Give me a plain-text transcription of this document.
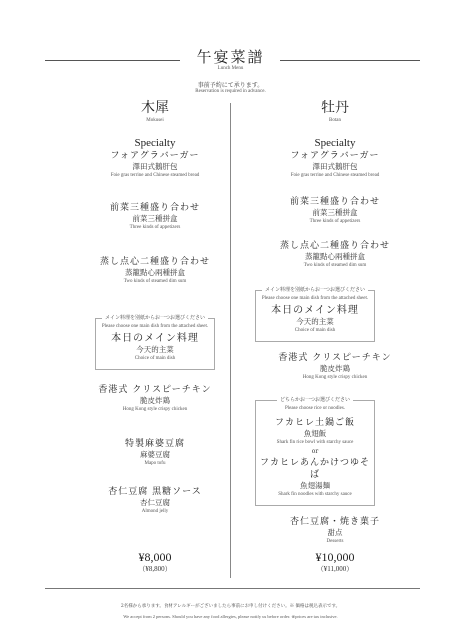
午宴菜譜
Lunch Menu
事前予約にて承ります。
Reservation is required in advance.
木犀
Mokusei
Specialty
フォアグラバーガー
澤田式鵝肝包
Foie gras terrine and Chinese steamed bread
前菜三種盛り合わせ
前菜三種拼盒
Three kinds of appetizers
蒸し点心二種盛り合わせ
蒸籠點心兩種拼盒
Two kinds of steamed dim sum
メイン料理を別紙からお一つお選びください
Please choose one main dish from the attached sheet.
本日のメイン料理
今天的主菜
Choice of main dish
香港式 クリスピーチキン
脆皮炸鶏
Hong Kong style crispy chicken
特製麻婆豆腐
麻婆豆腐
Mapo tofu
杏仁豆腐 黒糖ソース
杏仁豆腐
Almond jelly
¥8,000
（¥8,800）
牡丹
Botan
Specialty
フォアグラバーガー
澤田式鵝肝包
Foie gras terrine and Chinese steamed bread
前菜三種盛り合わせ
前菜三種拼盒
Three kinds of appetizers
蒸し点心二種盛り合わせ
蒸籠點心兩種拼盒
Two kinds of steamed dim sum
メイン料理を別紙からお一つお選びください
Please choose one main dish from the attached sheet.
本日のメイン料理
今天的主菜
Choice of main dish
香港式 クリスピーチキン
脆皮炸鶏
Hong Kong style crispy chicken
どちらかお一つお選びください
Please choose rice or noodles.
フカヒレ土鍋ご飯
魚翅飯
Shark fin rice bowl with starchy sauce
or
フカヒレあんかけつゆそば
魚翅湯麺
Shark fin noodles with starchy sauce
杏仁豆腐・焼き菓子
甜点
Desserts
¥10,000
（¥11,000）
2名様から承ります。食材アレルギーがございましたら事前にお申し付けください。※ 価格は税込表示です。
We accept from 2 persons. Should you have any food allergies, please notify us before order. ※prices are tax inclusive.
